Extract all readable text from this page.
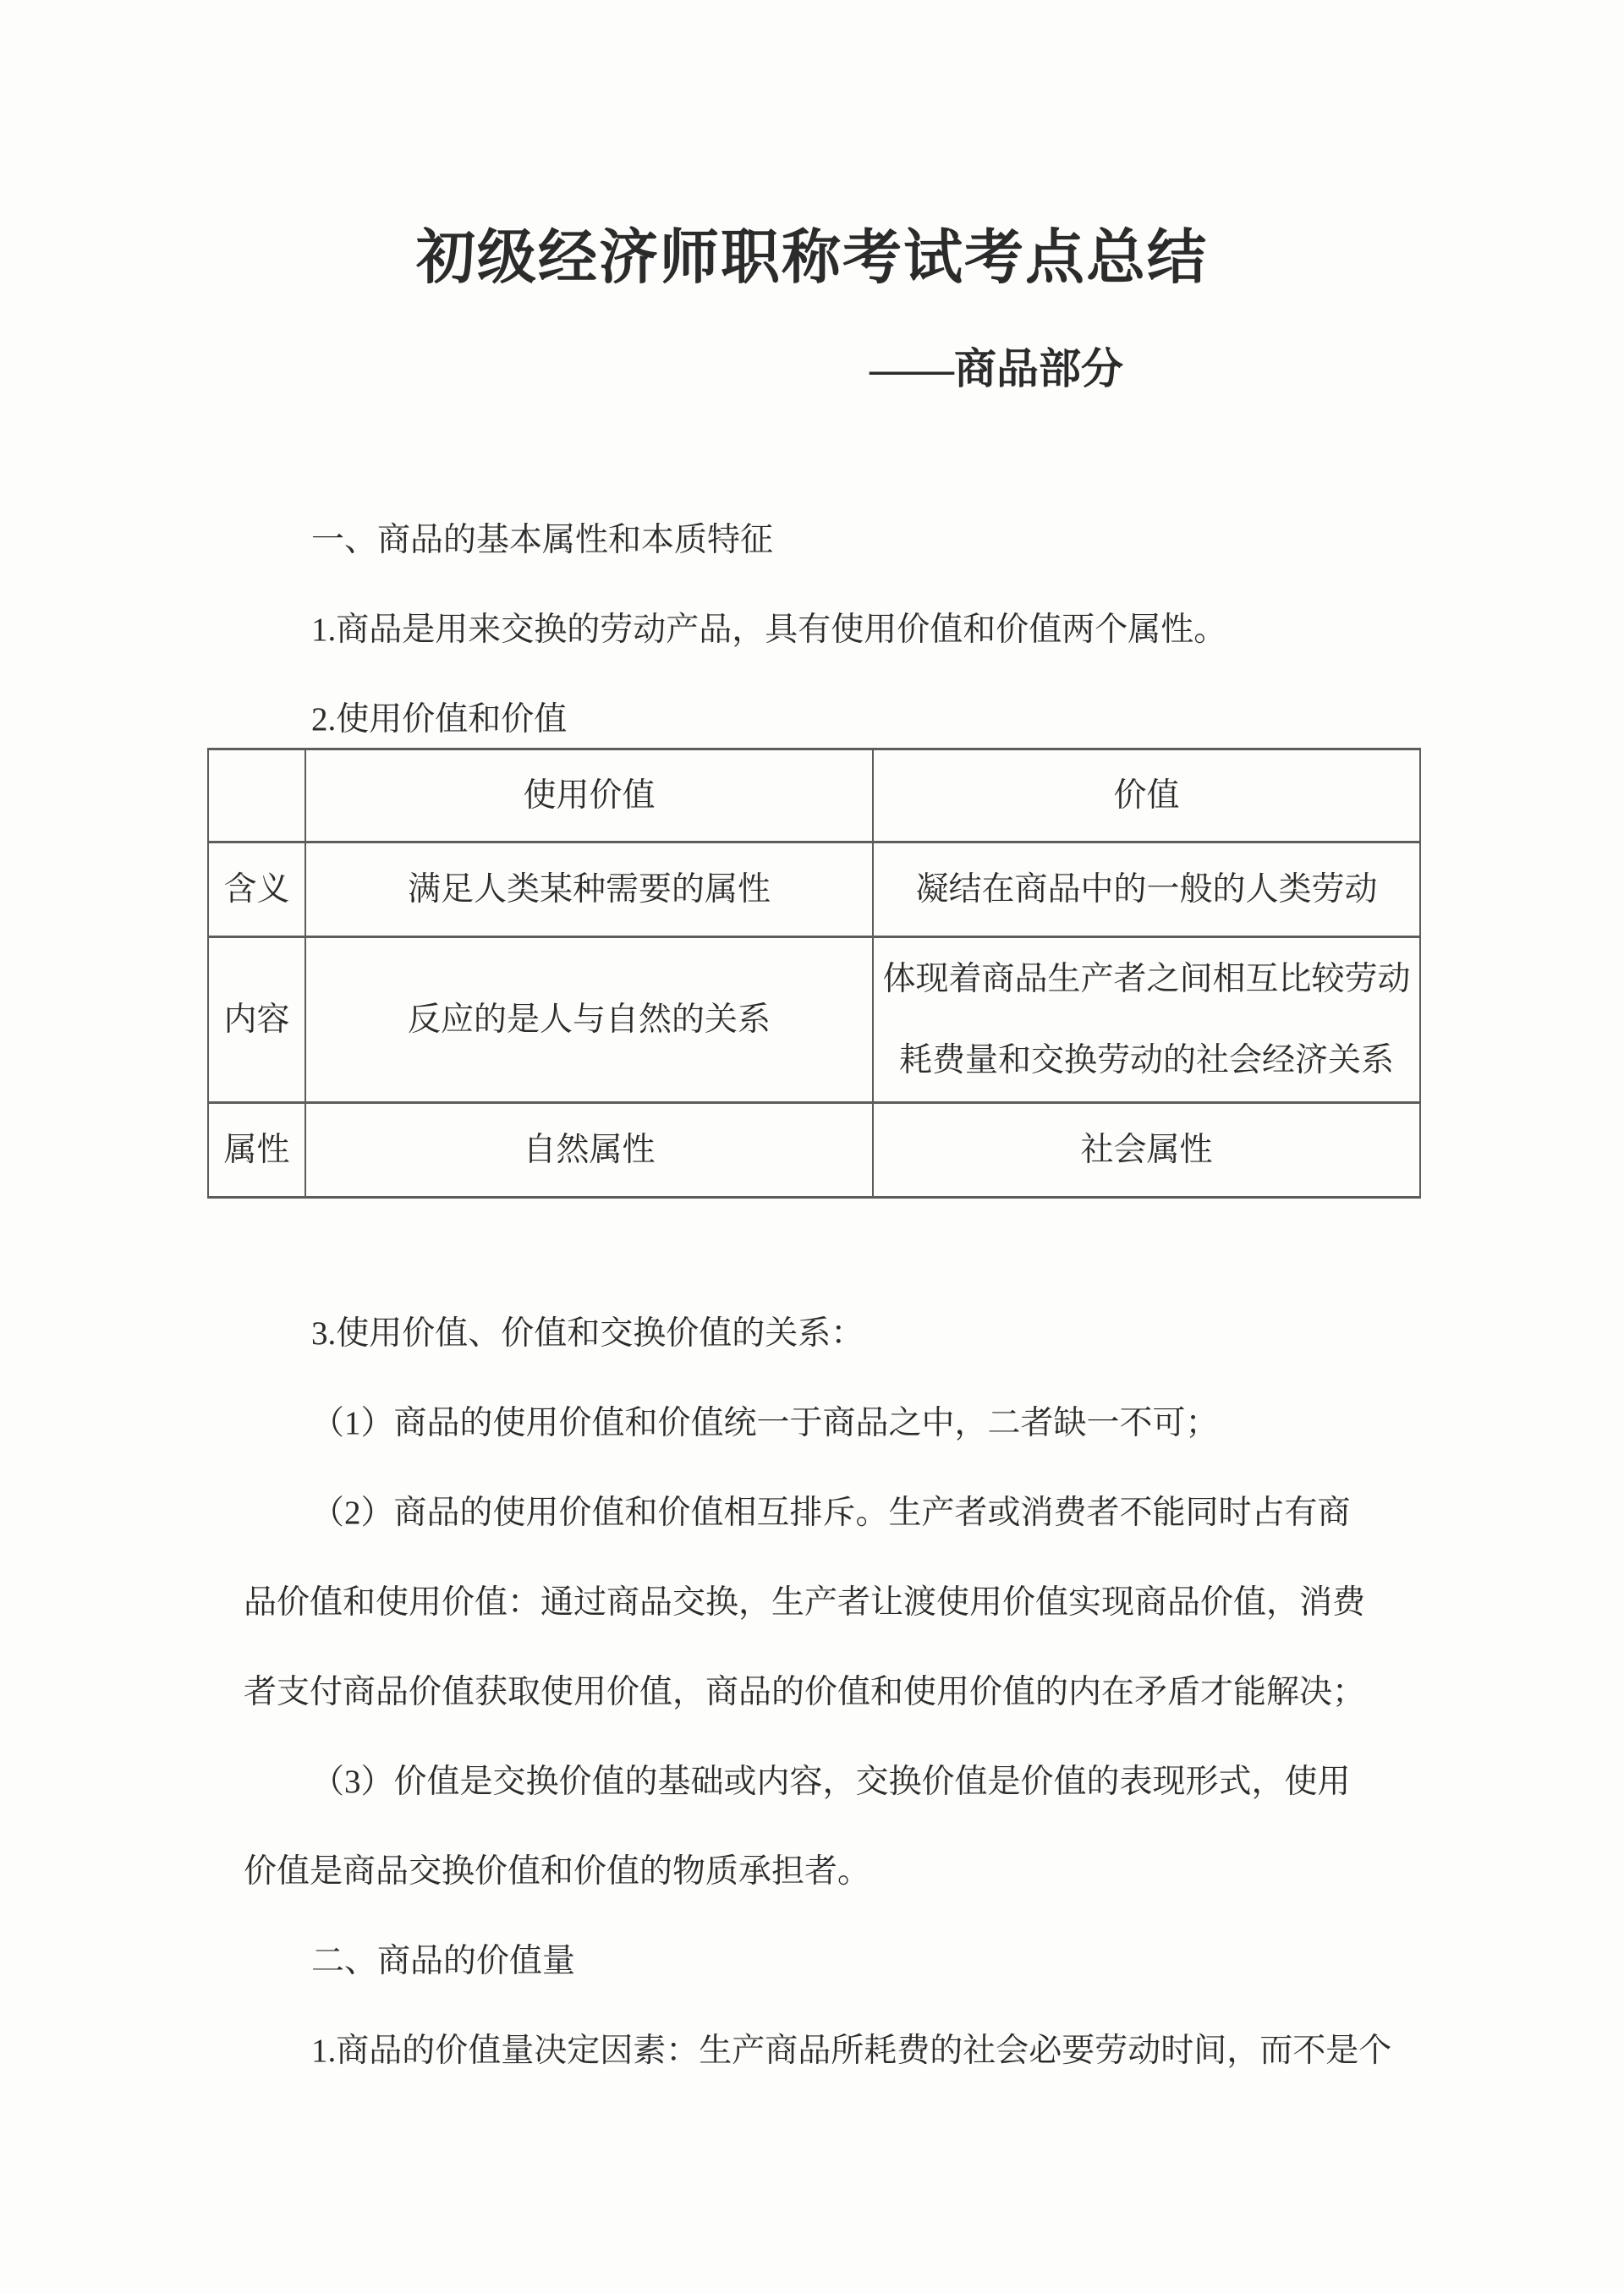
初级经济师职称考试考点总结
——商品部分

一、商品的基本属性和本质特征

1.商品是用来交换的劳动产品，具有使用价值和价值两个属性。

2.使用价值和价值

	使用价值	价值
含义	满足人类某种需要的属性	凝结在商品中的一般的人类劳动
内容	反应的是人与自然的关系	体现着商品生产者之间相互比较劳动耗费量和交换劳动的社会经济关系
属性	自然属性	社会属性

3.使用价值、价值和交换价值的关系：

（1）商品的使用价值和价值统一于商品之中，二者缺一不可；

（2）商品的使用价值和价值相互排斥。生产者或消费者不能同时占有商品价值和使用价值：通过商品交换，生产者让渡使用价值实现商品价值，消费者支付商品价值获取使用价值，商品的价值和使用价值的内在矛盾才能解决；

（3）价值是交换价值的基础或内容，交换价值是价值的表现形式，使用价值是商品交换价值和价值的物质承担者。

二、商品的价值量

1.商品的价值量决定因素：生产商品所耗费的社会必要劳动时间，而不是个
